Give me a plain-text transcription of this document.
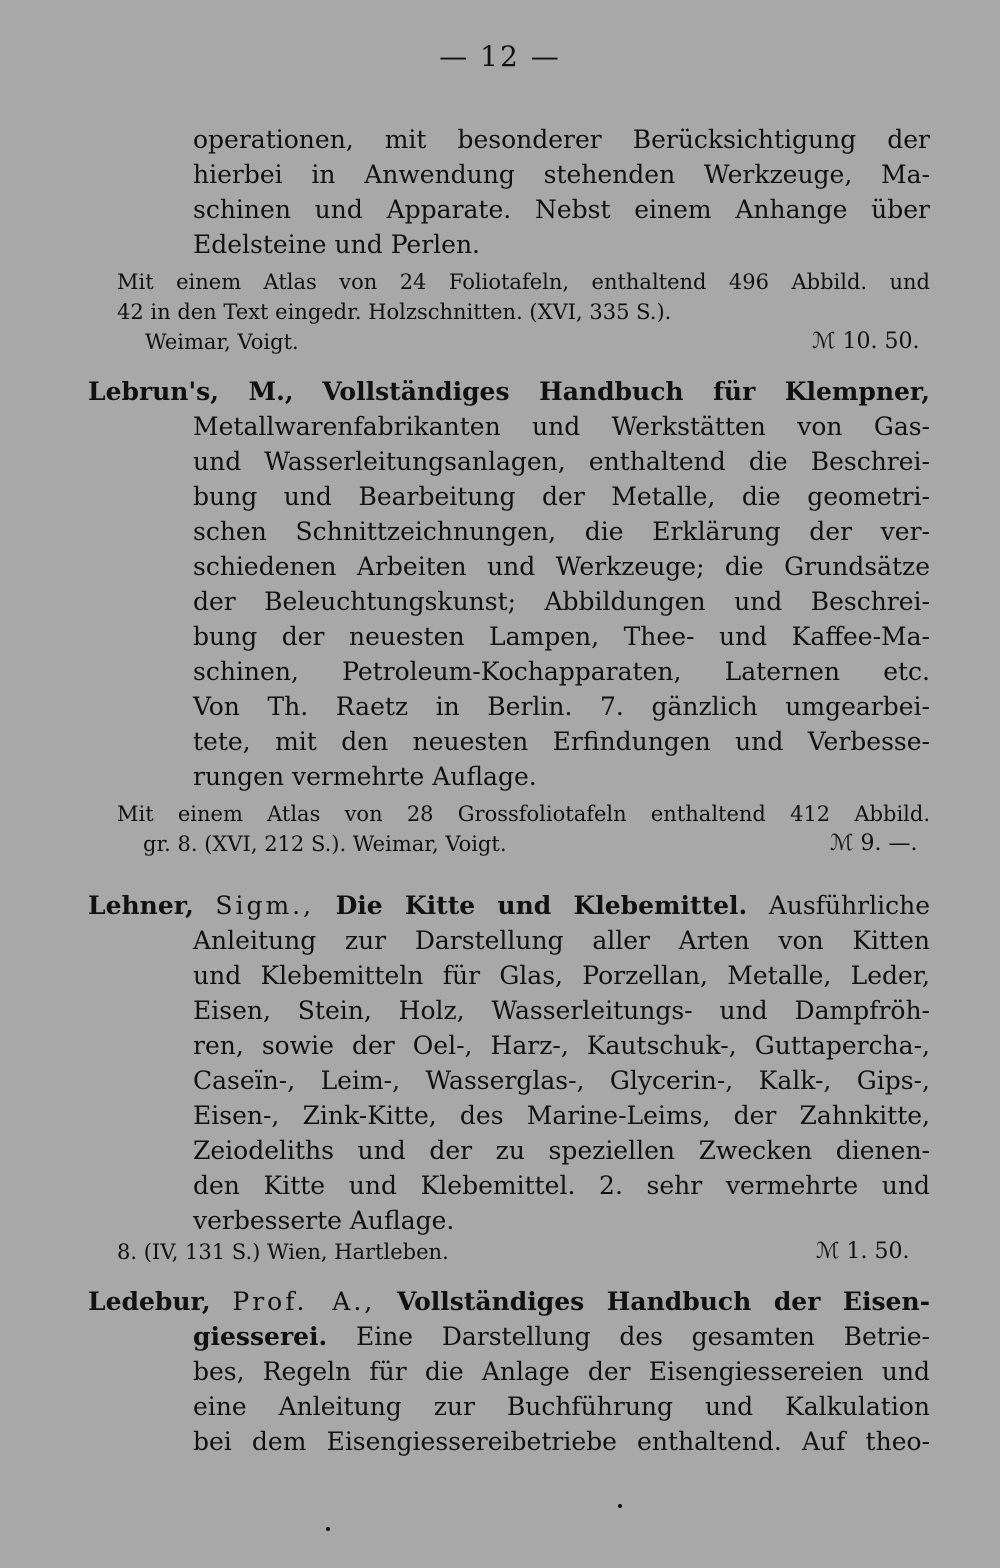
— 12 —
operationen, mit besonderer Berücksichtigung der
hierbei in Anwendung stehenden Werkzeuge, Ma-
schinen und Apparate. Nebst einem Anhange über
Edelsteine und Perlen.
Mit einem Atlas von 24 Foliotafeln, enthaltend 496 Abbild. und
42 in den Text eingedr. Holzschnitten. (XVI, 335 S.).
Weimar, Voigt.	ℳ 10. 50.
Lebrun's, M., Vollständiges Handbuch für Klempner,
Metallwarenfabrikanten und Werkstätten von Gas-
und Wasserleitungsanlagen, enthaltend die Beschrei-
bung und Bearbeitung der Metalle, die geometri-
schen Schnittzeichnungen, die Erklärung der ver-
schiedenen Arbeiten und Werkzeuge; die Grundsätze
der Beleuchtungskunst; Abbildungen und Beschrei-
bung der neuesten Lampen, Thee- und Kaffee-Ma-
schinen, Petroleum-Kochapparaten, Laternen etc.
Von Th. Raetz in Berlin. 7. gänzlich umgearbei-
tete, mit den neuesten Erfindungen und Verbesse-
rungen vermehrte Auflage.
Mit einem Atlas von 28 Grossfoliotafeln enthaltend 412 Abbild.
gr. 8. (XVI, 212 S.). Weimar, Voigt.	ℳ 9. —.
Lehner, Sigm., Die Kitte und Klebemittel. Ausführliche
Anleitung zur Darstellung aller Arten von Kitten
und Klebemitteln für Glas, Porzellan, Metalle, Leder,
Eisen, Stein, Holz, Wasserleitungs- und Dampfröh-
ren, sowie der Oel-, Harz-, Kautschuk-, Guttapercha-,
Caseïn-, Leim-, Wasserglas-, Glycerin-, Kalk-, Gips-,
Eisen-, Zink-Kitte, des Marine-Leims, der Zahnkitte,
Zeiodeliths und der zu speziellen Zwecken dienen-
den Kitte und Klebemittel. 2. sehr vermehrte und
verbesserte Auflage.
8. (IV, 131 S.) Wien, Hartleben.	ℳ 1. 50.
Ledebur, Prof. A., Vollständiges Handbuch der Eisen-
giesserei. Eine Darstellung des gesamten Betrie-
bes, Regeln für die Anlage der Eisengiessereien und
eine Anleitung zur Buchführung und Kalkulation
bei dem Eisengiessereibetriebe enthaltend. Auf theo-
